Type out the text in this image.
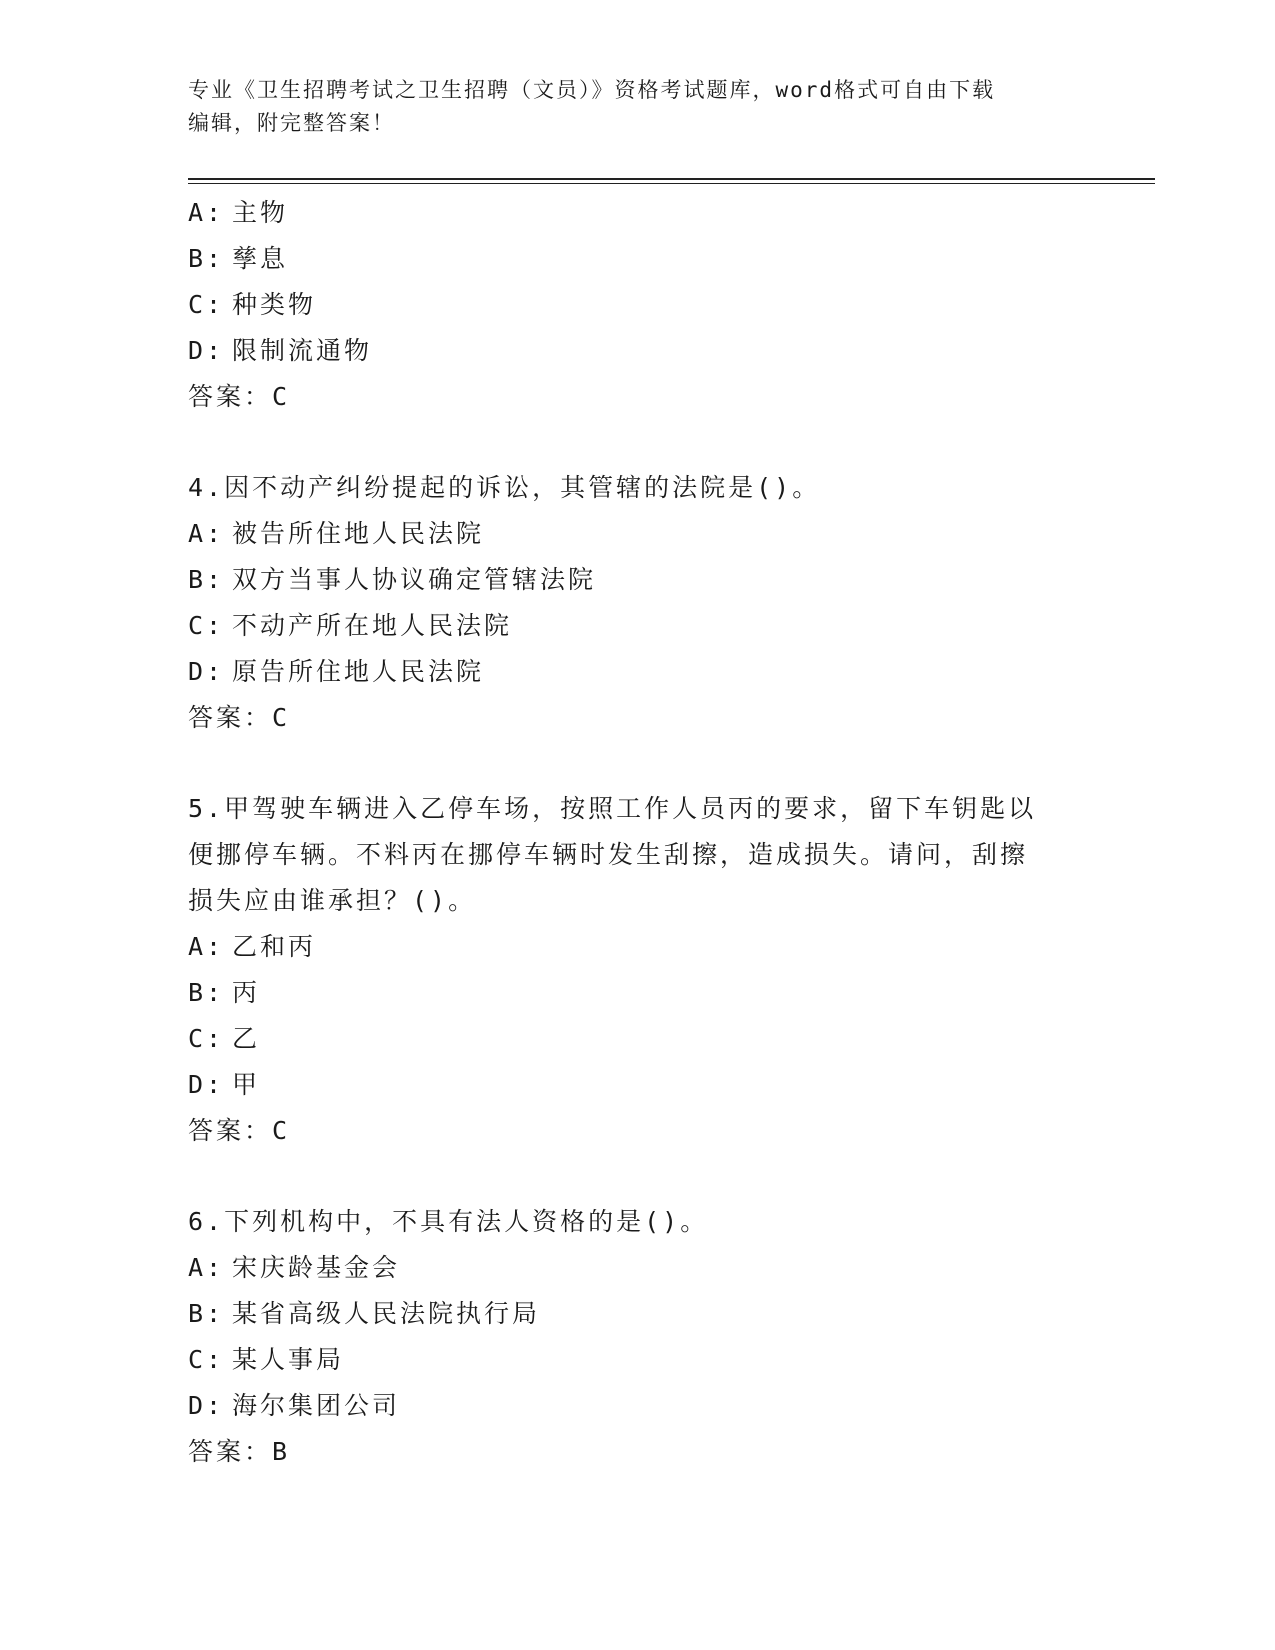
专业《卫生招聘考试之卫生招聘（文员）》资格考试题库，word格式可自由下载
编辑，附完整答案！
A: 主物
B: 孳息
C: 种类物
D: 限制流通物
答案：C
4.因不动产纠纷提起的诉讼，其管辖的法院是()。
A: 被告所住地人民法院
B: 双方当事人协议确定管辖法院
C: 不动产所在地人民法院
D: 原告所住地人民法院
答案：C
5.甲驾驶车辆进入乙停车场，按照工作人员丙的要求，留下车钥匙以
便挪停车辆。不料丙在挪停车辆时发生刮擦，造成损失。请问，刮擦
损失应由谁承担？()。
A: 乙和丙
B: 丙
C: 乙
D: 甲
答案：C
6.下列机构中，不具有法人资格的是()。
A: 宋庆龄基金会
B: 某省高级人民法院执行局
C: 某人事局
D: 海尔集团公司
答案：B
